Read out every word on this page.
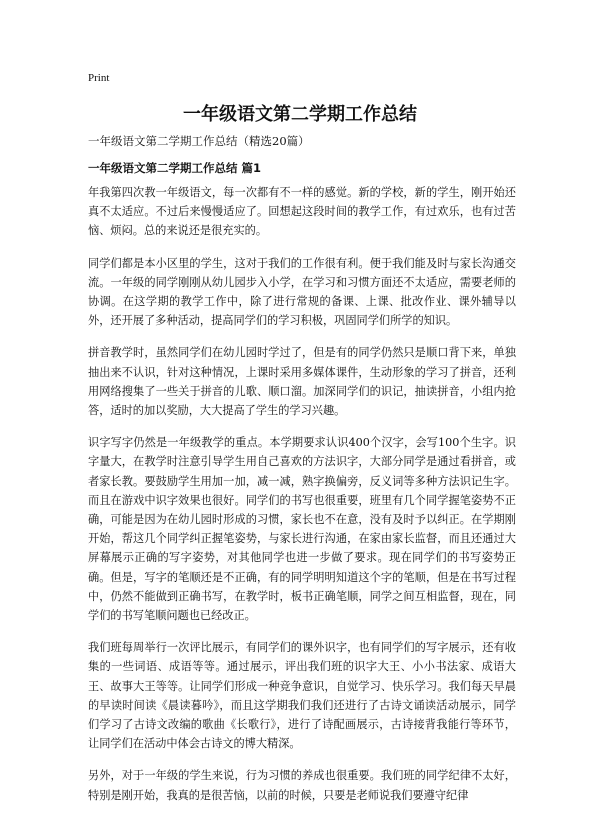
Print
一年级语文第二学期工作总结

一年级语文第二学期工作总结（精选20篇）

一年级语文第二学期工作总结 篇1

年我第四次教一年级语文，每一次都有不一样的感觉。新的学校，新的学生，刚开始还真不太适应。不过后来慢慢适应了。回想起这段时间的教学工作，有过欢乐，也有过苦恼、烦闷。总的来说还是很充实的。

同学们都是本小区里的学生，这对于我们的工作很有利。便于我们能及时与家长沟通交流。一年级的同学刚刚从幼儿园步入小学，在学习和习惯方面还不太适应，需要老师的协调。在这学期的教学工作中，除了进行常规的备课、上课、批改作业、课外辅导以外，还开展了多种活动，提高同学们的学习积极，巩固同学们所学的知识。

拼音教学时，虽然同学们在幼儿园时学过了，但是有的同学仍然只是顺口背下来，单独抽出来不认识，针对这种情况，上课时采用多媒体课件，生动形象的学习了拼音，还利用网络搜集了一些关于拼音的儿歌、顺口溜。加深同学们的识记，抽读拼音，小组内抢答，适时的加以奖励，大大提高了学生的学习兴趣。

识字写字仍然是一年级教学的重点。本学期要求认识400个汉字，会写100个生字。识字量大，在教学时注意引导学生用自己喜欢的方法识字，大部分同学是通过看拼音，或者家长教。要鼓励学生用加一加，减一减，熟字换偏旁，反义词等多种方法识记生字。而且在游戏中识字效果也很好。同学们的书写也很重要，班里有几个同学握笔姿势不正确，可能是因为在幼儿园时形成的习惯，家长也不在意，没有及时予以纠正。在学期刚开始，帮这几个同学纠正握笔姿势，与家长进行沟通，在家由家长监督，而且还通过大屏幕展示正确的写字姿势，对其他同学也进一步做了要求。现在同学们的书写姿势正确。但是，写字的笔顺还是不正确，有的同学明明知道这个字的笔顺，但是在书写过程中，仍然不能做到正确书写，在教学时，板书正确笔顺，同学之间互相监督，现在，同学们的书写笔顺问题也已经改正。

我们班每周举行一次评比展示，有同学们的课外识字，也有同学们的写字展示，还有收集的一些词语、成语等等。通过展示，评出我们班的识字大王、小小书法家、成语大王、故事大王等等。让同学们形成一种竞争意识，自觉学习、快乐学习。我们每天早晨的早读时间读《晨读暮吟》，而且这学期我们我们还进行了古诗文诵读活动展示，同学们学习了古诗文改编的歌曲《长歌行》，进行了诗配画展示，古诗接背我能行等环节，让同学们在活动中体会古诗文的博大精深。

另外，对于一年级的学生来说，行为习惯的养成也很重要。我们班的同学纪律不太好，特别是刚开始，我真的是很苦恼，以前的时候，只要是老师说我们要遵守纪律
